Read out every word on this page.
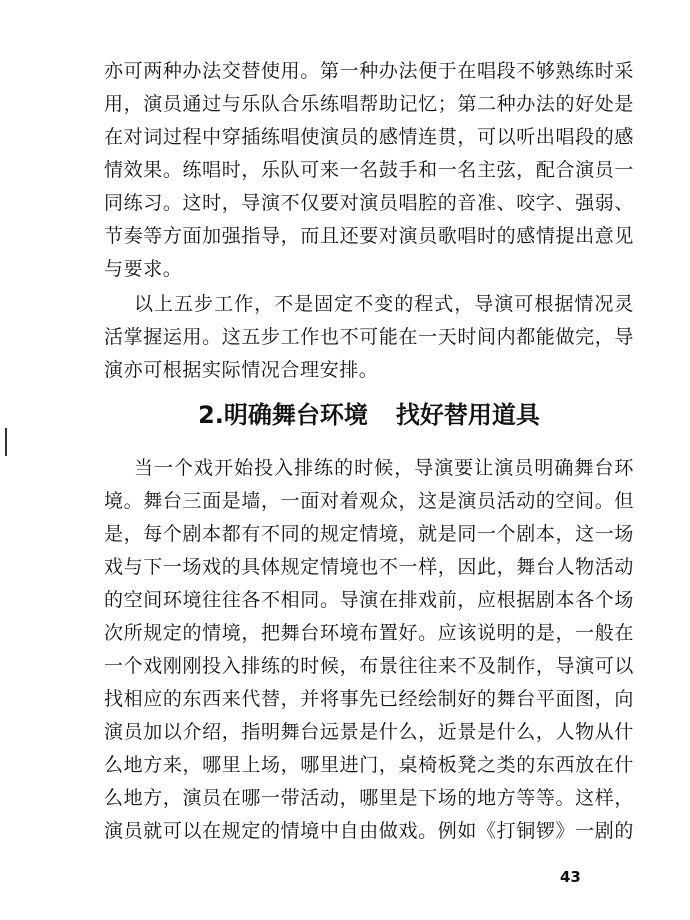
亦可两种办法交替使用。第一种办法便于在唱段不够熟练时采
用，演员通过与乐队合乐练唱帮助记忆；第二种办法的好处是
在对词过程中穿插练唱使演员的感情连贯，可以听出唱段的感
情效果。练唱时，乐队可来一名鼓手和一名主弦，配合演员一
同练习。这时，导演不仅要对演员唱腔的音准、咬字、强弱、
节奏等方面加强指导，而且还要对演员歌唱时的感情提出意见
与要求。
以上五步工作，不是固定不变的程式，导演可根据情况灵
活掌握运用。这五步工作也不可能在一天时间内都能做完，导
演亦可根据实际情况合理安排。
2.明确舞台环境 找好替用道具
当一个戏开始投入排练的时候，导演要让演员明确舞台环
境。舞台三面是墙，一面对着观众，这是演员活动的空间。但
是，每个剧本都有不同的规定情境，就是同一个剧本，这一场
戏与下一场戏的具体规定情境也不一样，因此，舞台人物活动
的空间环境往往各不相同。导演在排戏前，应根据剧本各个场
次所规定的情境，把舞台环境布置好。应该说明的是，一般在
一个戏刚刚投入排练的时候，布景往往来不及制作，导演可以
找相应的东西来代替，并将事先已经绘制好的舞台平面图，向
演员加以介绍，指明舞台远景是什么，近景是什么，人物从什
么地方来，哪里上场，哪里进门，桌椅板凳之类的东西放在什
么地方，演员在哪一带活动，哪里是下场的地方等等。这样，
演员就可以在规定的情境中自由做戏。例如《打铜锣》一剧的
43
